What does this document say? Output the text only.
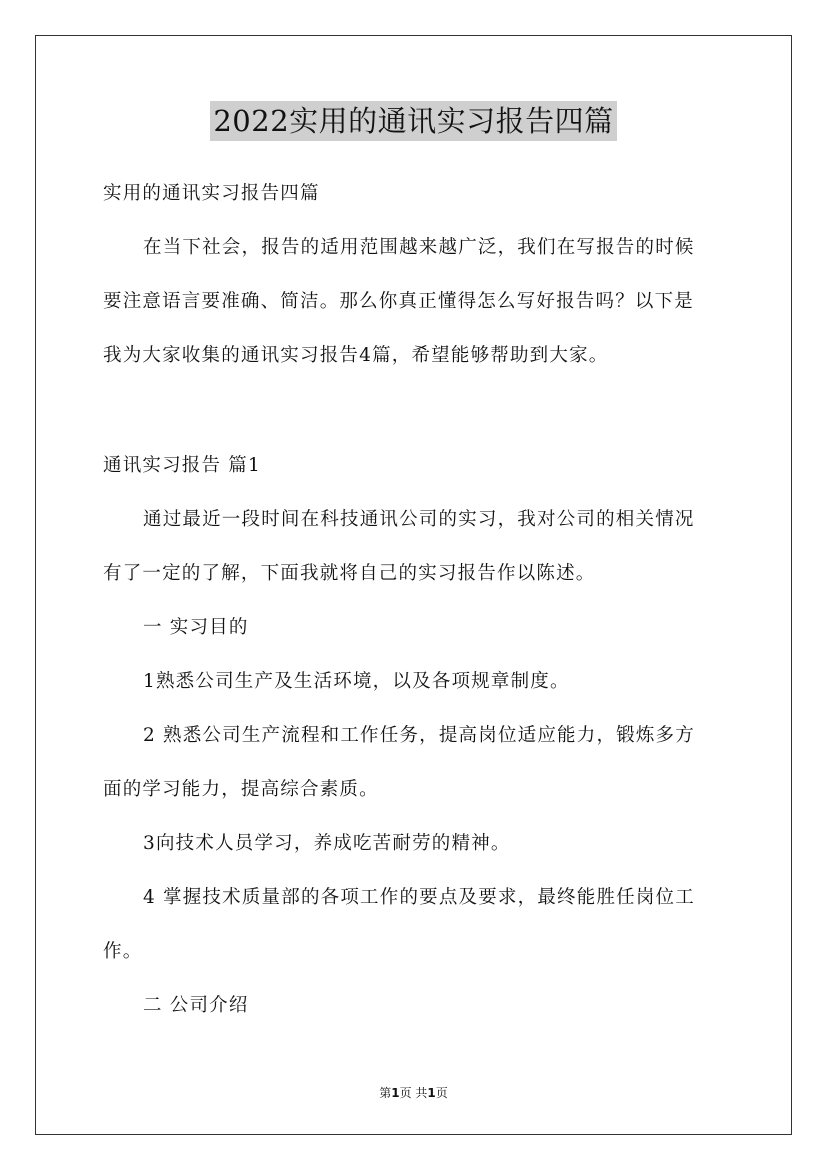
2022实用的通讯实习报告四篇
实用的通讯实习报告四篇
在当下社会，报告的适用范围越来越广泛，我们在写报告的时候
要注意语言要准确、简洁。那么你真正懂得怎么写好报告吗？以下是
我为大家收集的通讯实习报告4篇，希望能够帮助到大家。
通讯实习报告 篇1
通过最近一段时间在科技通讯公司的实习，我对公司的相关情况
有了一定的了解，下面我就将自己的实习报告作以陈述。
一 实习目的
1熟悉公司生产及生活环境，以及各项规章制度。
2 熟悉公司生产流程和工作任务，提高岗位适应能力，锻炼多方
面的学习能力，提高综合素质。
3向技术人员学习，养成吃苦耐劳的精神。
4 掌握技术质量部的各项工作的要点及要求，最终能胜任岗位工
作。
二 公司介绍
第1页 共1页
